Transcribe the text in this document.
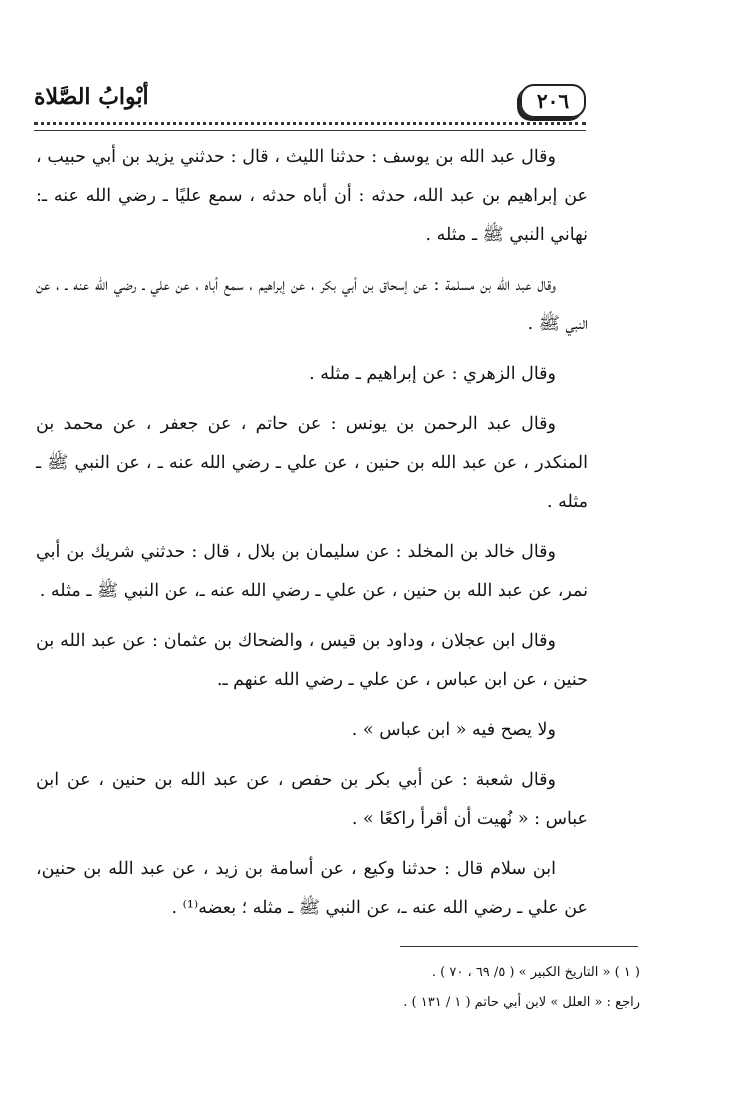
٢٠٦
أبْوابُ الصَّلاة

وقال عبد الله بن يوسف : حدثنا الليث ، قال : حدثني يزيد بن أبي حبيب ، عن إبراهيم بن عبد الله، حدثه : أن أباه حدثه ، سمع عليًا ـ رضي الله عنه ـ: نهاني النبي ﷺ ـ مثله .

وقال عبد الله بن مسلمة : عن إسحاق بن أبي بكر ، عن إبراهيم ، سمع أباه ، عن علي ـ رضي الله عنه ـ ، عن النبي ﷺ .

وقال الزهري : عن إبراهيم ـ مثله .

وقال عبد الرحمن بن يونس : عن حاتم ، عن جعفر ، عن محمد بن المنكدر ، عن عبد الله بن حنين ، عن علي ـ رضي الله عنه ـ ، عن النبي ﷺ ـ مثله .

وقال خالد بن المخلد : عن سليمان بن بلال ، قال : حدثني شريك بن أبي نمر، عن عبد الله بن حنين ، عن علي ـ رضي الله عنه ـ، عن النبي ﷺ ـ مثله .

وقال ابن عجلان ، وداود بن قيس ، والضحاك بن عثمان : عن عبد الله بن حنين ، عن ابن عباس ، عن علي ـ رضي الله عنهم ـ.

ولا يصح فيه « ابن عباس » .

وقال شعبة : عن أبي بكر بن حفص ، عن عبد الله بن حنين ، عن ابن عباس : « نُهيت أن أقرأ راكعًا » .

ابن سلام قال : حدثنا وكيع ، عن أسامة بن زيد ، عن عبد الله بن حنين، عن علي ـ رضي الله عنه ـ، عن النبي ﷺ ـ مثله ؛ بعضه⁽¹⁾ .

( ١ ) « التاريخ الكبير » ( ٥/ ٦٩ ، ٧٠ ) .

راجع : « العلل » لابن أبي حاتم ( ١ / ١٣١ ) .
